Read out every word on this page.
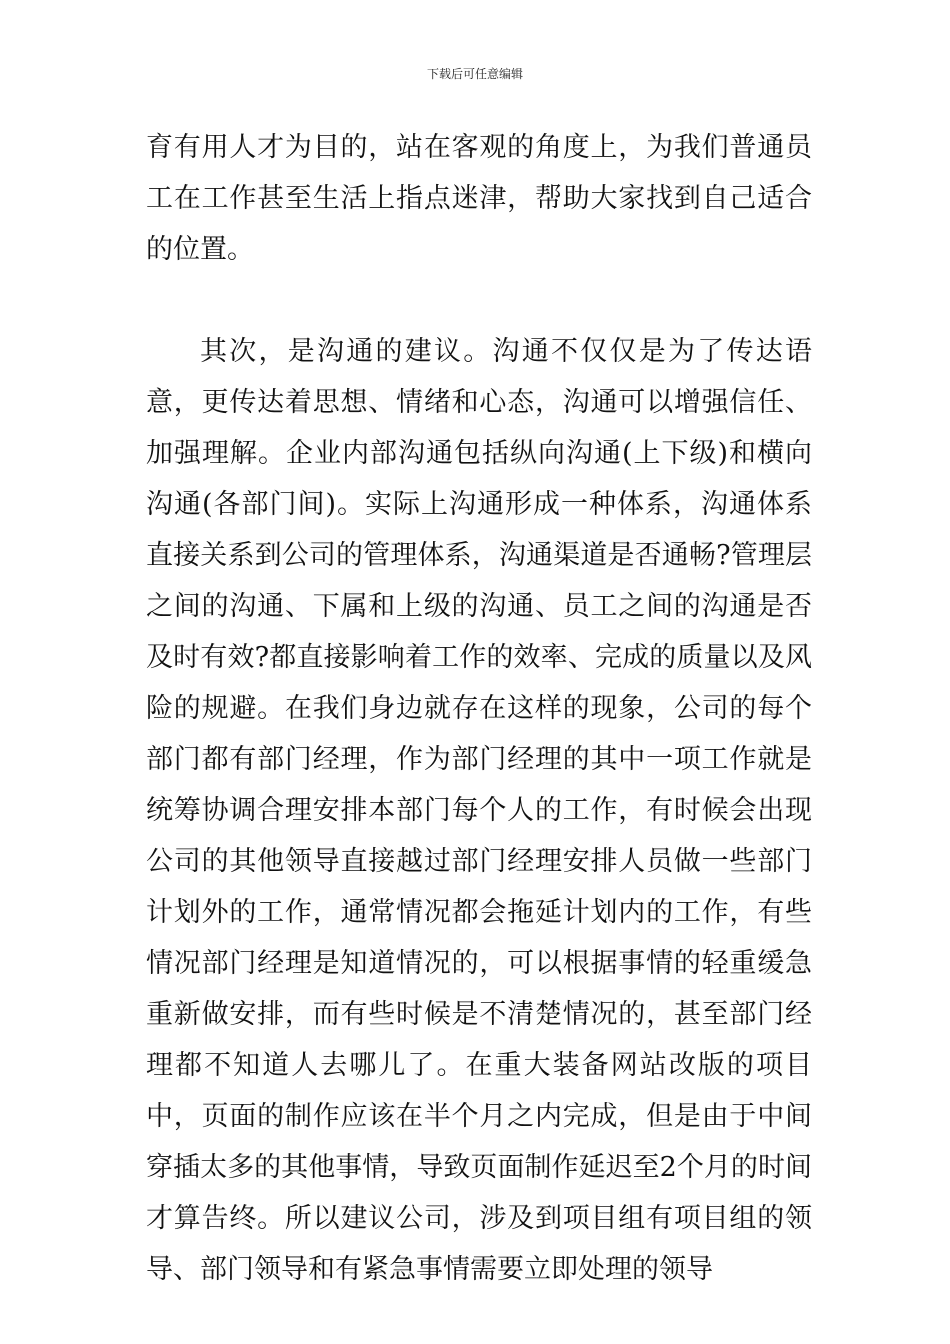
下载后可任意编辑

育有用人才为目的，站在客观的角度上，为我们普通员工在工作甚至生活上指点迷津，帮助大家找到自己适合的位置。

其次，是沟通的建议。沟通不仅仅是为了传达语意，更传达着思想、情绪和心态，沟通可以增强信任、加强理解。企业内部沟通包括纵向沟通(上下级)和横向沟通(各部门间)。实际上沟通形成一种体系，沟通体系直接关系到公司的管理体系，沟通渠道是否通畅?管理层之间的沟通、下属和上级的沟通、员工之间的沟通是否及时有效?都直接影响着工作的效率、完成的质量以及风险的规避。在我们身边就存在这样的现象，公司的每个部门都有部门经理，作为部门经理的其中一项工作就是统筹协调合理安排本部门每个人的工作，有时候会出现公司的其他领导直接越过部门经理安排人员做一些部门计划外的工作，通常情况都会拖延计划内的工作，有些情况部门经理是知道情况的，可以根据事情的轻重缓急重新做安排，而有些时候是不清楚情况的，甚至部门经理都不知道人去哪儿了。在重大装备网站改版的项目中，页面的制作应该在半个月之内完成，但是由于中间穿插太多的其他事情，导致页面制作延迟至2个月的时间才算告终。所以建议公司，涉及到项目组有项目组的领导、部门领导和有紧急事情需要立即处理的领导
